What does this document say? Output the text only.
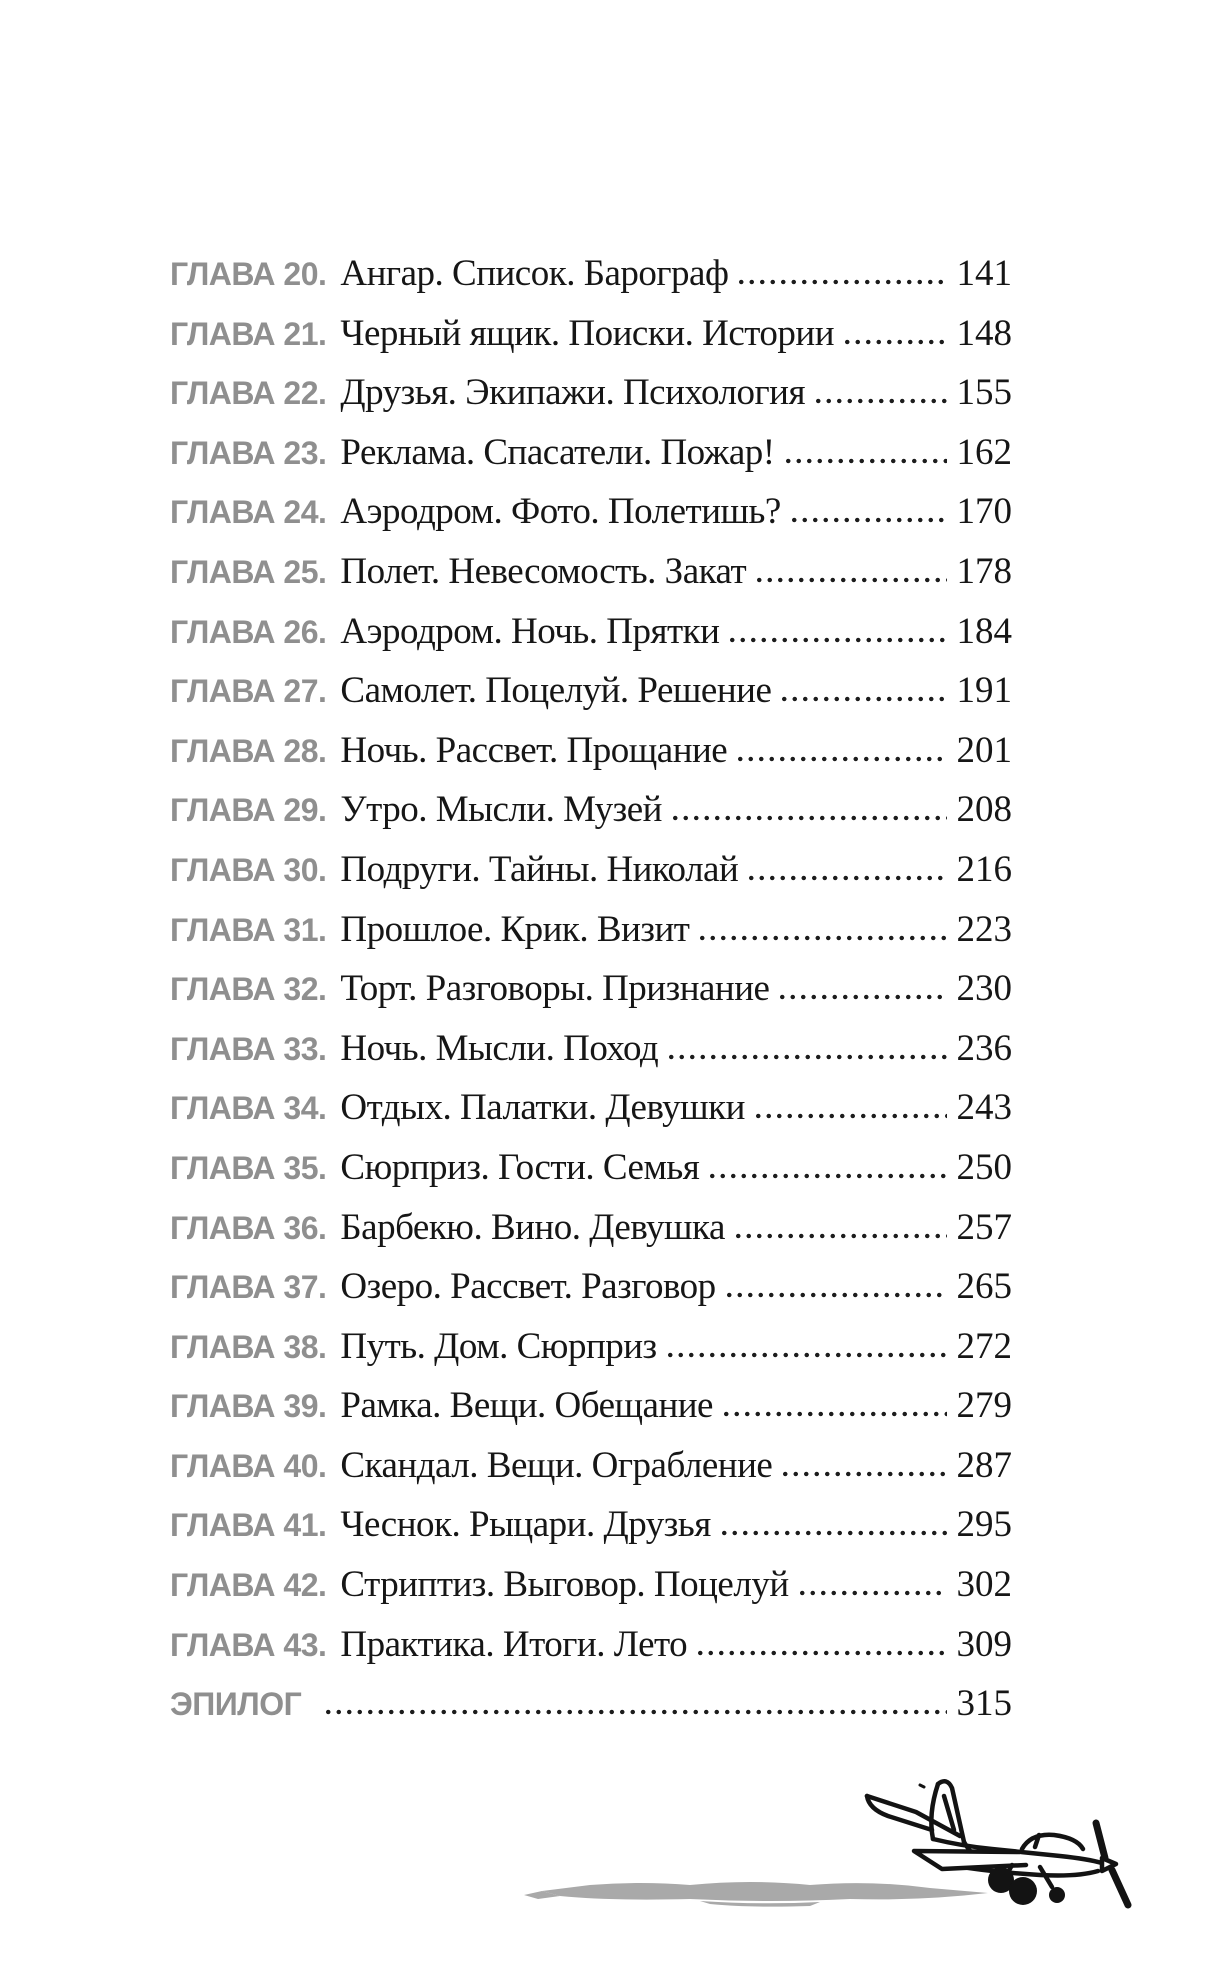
ГЛАВА 20. Ангар. Список. Барограф	141
ГЛАВА 21. Черный ящик. Поиски. Истории	148
ГЛАВА 22. Друзья. Экипажи. Психология	155
ГЛАВА 23. Реклама. Спасатели. Пожар!	162
ГЛАВА 24. Аэродром. Фото. Полетишь?	170
ГЛАВА 25. Полет. Невесомость. Закат	178
ГЛАВА 26. Аэродром. Ночь. Прятки	184
ГЛАВА 27. Самолет. Поцелуй. Решение	191
ГЛАВА 28. Ночь. Рассвет. Прощание	201
ГЛАВА 29. Утро. Мысли. Музей	208
ГЛАВА 30. Подруги. Тайны. Николай	216
ГЛАВА 31. Прошлое. Крик. Визит	223
ГЛАВА 32. Торт. Разговоры. Признание	230
ГЛАВА 33. Ночь. Мысли. Поход	236
ГЛАВА 34. Отдых. Палатки. Девушки	243
ГЛАВА 35. Сюрприз. Гости. Семья	250
ГЛАВА 36. Барбекю. Вино. Девушка	257
ГЛАВА 37. Озеро. Рассвет. Разговор	265
ГЛАВА 38. Путь. Дом. Сюрприз	272
ГЛАВА 39. Рамка. Вещи. Обещание	279
ГЛАВА 40. Скандал. Вещи. Ограбление	287
ГЛАВА 41. Чеснок. Рыцари. Друзья	295
ГЛАВА 42. Стриптиз. Выговор. Поцелуй	302
ГЛАВА 43. Практика. Итоги. Лето	309
ЭПИЛОГ	315
